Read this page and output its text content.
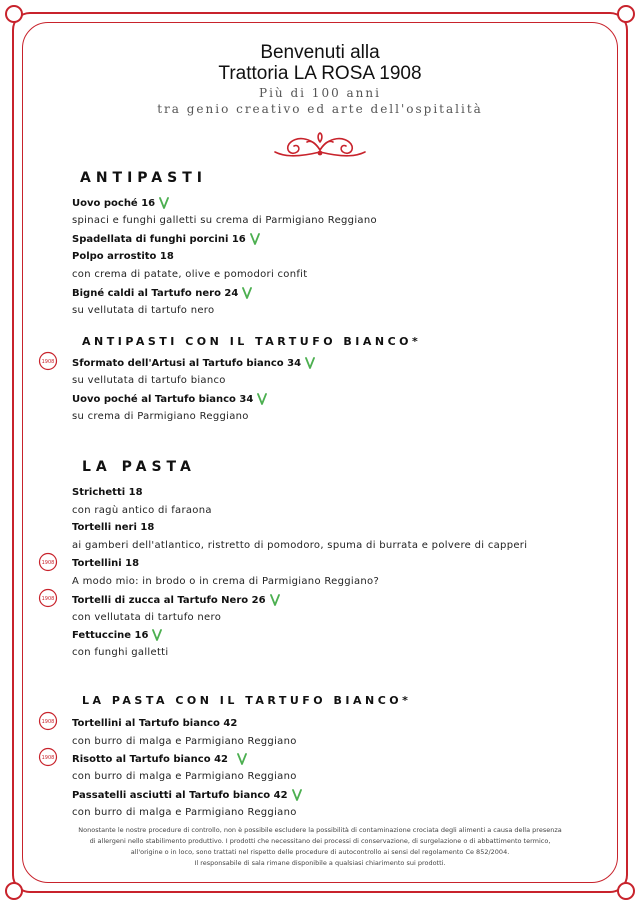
Benvenuti alla
Trattoria LA ROSA 1908
Più di 100 anni
tra genio creativo ed arte dell'ospitalità
ANTIPASTI
Uovo poché 16
spinaci e funghi galletti su crema di Parmigiano Reggiano
Spadellata di funghi porcini 16
Polpo arrostito 18
con crema di patate, olive e pomodori confit
Bigné caldi al Tartufo nero 24
su vellutata di tartufo nero
ANTIPASTI CON IL TARTUFO BIANCO*
1908 Sformato dell'Artusi al Tartufo bianco 34
su vellutata di tartufo bianco
Uovo poché al Tartufo bianco 34
su crema di Parmigiano Reggiano
LA PASTA
Strichetti 18
con ragù antico di faraona
Tortelli neri 18
ai gamberi dell'atlantico, ristretto di pomodoro, spuma di burrata e polvere di capperi
1908 Tortellini 18
A modo mio: in brodo o in crema di Parmigiano Reggiano?
1908 Tortelli di zucca al Tartufo Nero 26
con vellutata di tartufo nero
Fettuccine 16
con funghi galletti
LA PASTA CON IL TARTUFO BIANCO*
1908 Tortellini al Tartufo bianco 42
con burro di malga e Parmigiano Reggiano
1908 Risotto al Tartufo bianco 42
con burro di malga e Parmigiano Reggiano
Passatelli asciutti al Tartufo bianco 42
con burro di malga e Parmigiano Reggiano
Nonostante le nostre procedure di controllo, non è possibile escludere la possibilità di contaminazione crociata degli alimenti a causa della presenza
di allergeni nello stabilimento produttivo. I prodotti che necessitano dei processi di conservazione, di surgelazione o di abbattimento termico,
all'origine o in loco, sono trattati nel rispetto delle procedure di autocontrollo ai sensi del regolamento Ce 852/2004.
Il responsabile di sala rimane disponibile a qualsiasi chiarimento sui prodotti.
